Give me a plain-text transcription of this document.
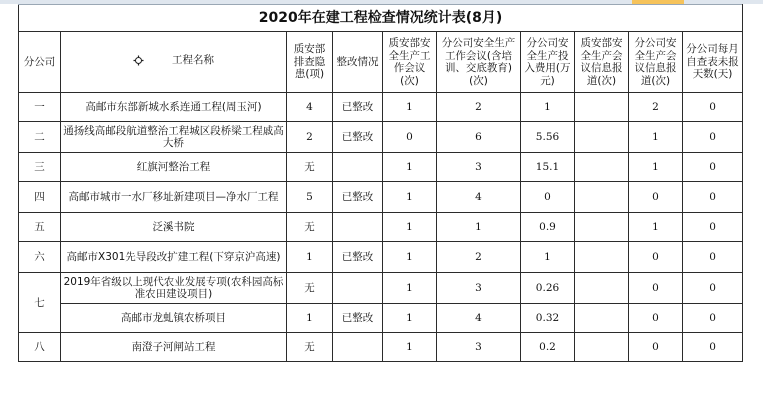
2020年在建工程检查情况统计表(8月)									
分公司	工程名称	质安部排查隐患(项)	整改情况	质安部安全生产工作会议(次)	分公司安全生产工作会议(含培训、交底教育)(次)	分公司安全生产投入费用(万元)	质安部安全生产会议信息报道(次)	分公司安全生产会议信息报道(次)	分公司每月自查表未报天数(天)
一	高邮市东部新城水系连通工程(周玉河)	4	已整改	1	2	1		2	0
二	通扬线高邮段航道整治工程城区段桥梁工程戚高大桥	2	已整改	0	6	5.56		1	0
三	红旗河整治工程	无		1	3	15.1		1	0
四	高邮市城市一水厂移址新建项目—净水厂工程	5	已整改	1	4	0		0	0
五	泛溪书院	无		1	1	0.9		1	0
六	高邮市X301先导段改扩建工程(下穿京沪高速)	1	已整改	1	2	1		0	0
七	2019年省级以上现代农业发展专项(农科园高标准农田建设项目)	无		1	3	0.26		0	0
	高邮市龙虬镇农桥项目	1	已整改	1	4	0.32		0	0
八	南澄子河闸站工程	无		1	3	0.2		0	0
